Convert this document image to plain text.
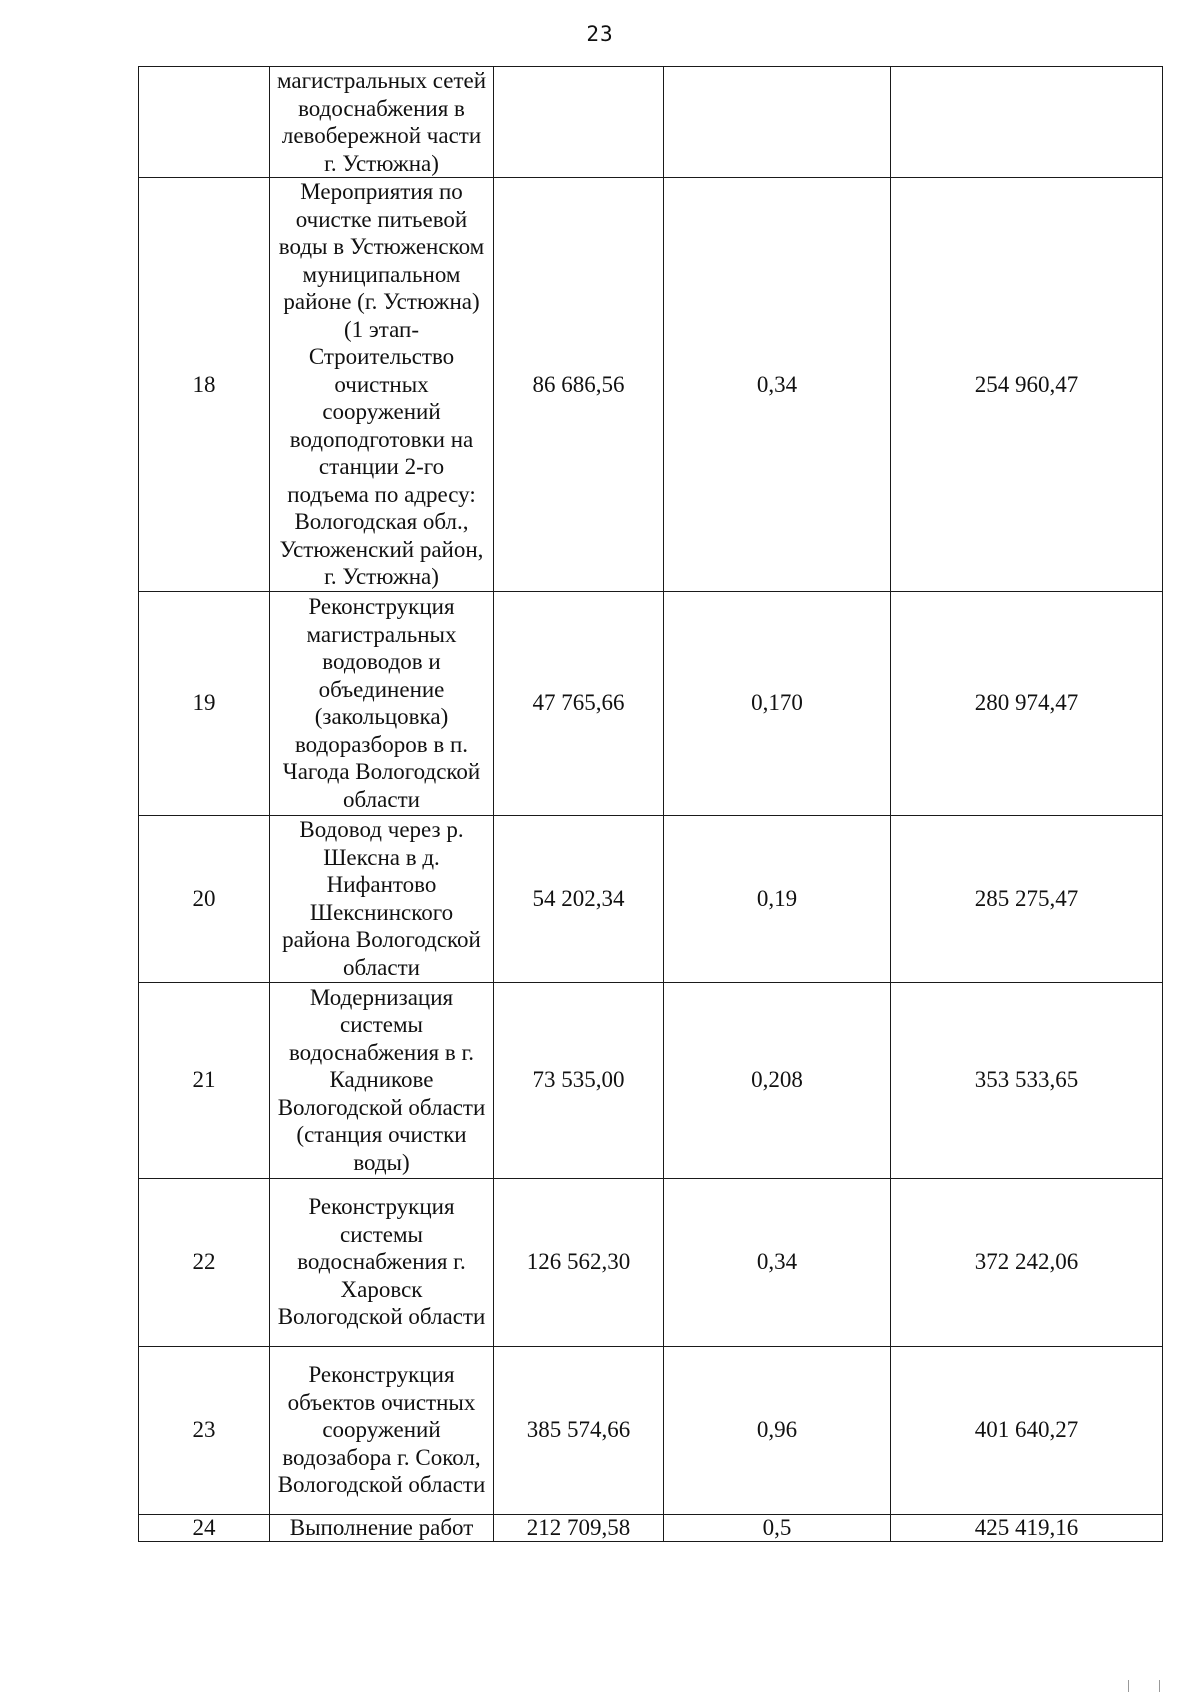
23
	магистральных сетей водоснабжения в левобережной части г. Устюжна)			
18	Мероприятия по очистке питьевой воды в Устюженском муниципальном районе (г. Устюжна) (1 этап- Строительство очистных сооружений водоподготовки на станции 2-го подъема по адресу: Вологодская обл., Устюженский район, г. Устюжна)	86 686,56	0,34	254 960,47
19	Реконструкция магистральных водоводов и объединение (закольцовка) водоразборов в п. Чагода Вологодской области	47 765,66	0,170	280 974,47
20	Водовод через р. Шексна в д. Нифантово Шекснинского района Вологодской области	54 202,34	0,19	285 275,47
21	Модернизация системы водоснабжения в г. Кадникове Вологодской области (станция очистки воды)	73 535,00	0,208	353 533,65
22	Реконструкция системы водоснабжения г. Харовск Вологодской области	126 562,30	0,34	372 242,06
23	Реконструкция объектов очистных сооружений водозабора г. Сокол, Вологодской области	385 574,66	0,96	401 640,27
24	Выполнение работ	212 709,58	0,5	425 419,16
